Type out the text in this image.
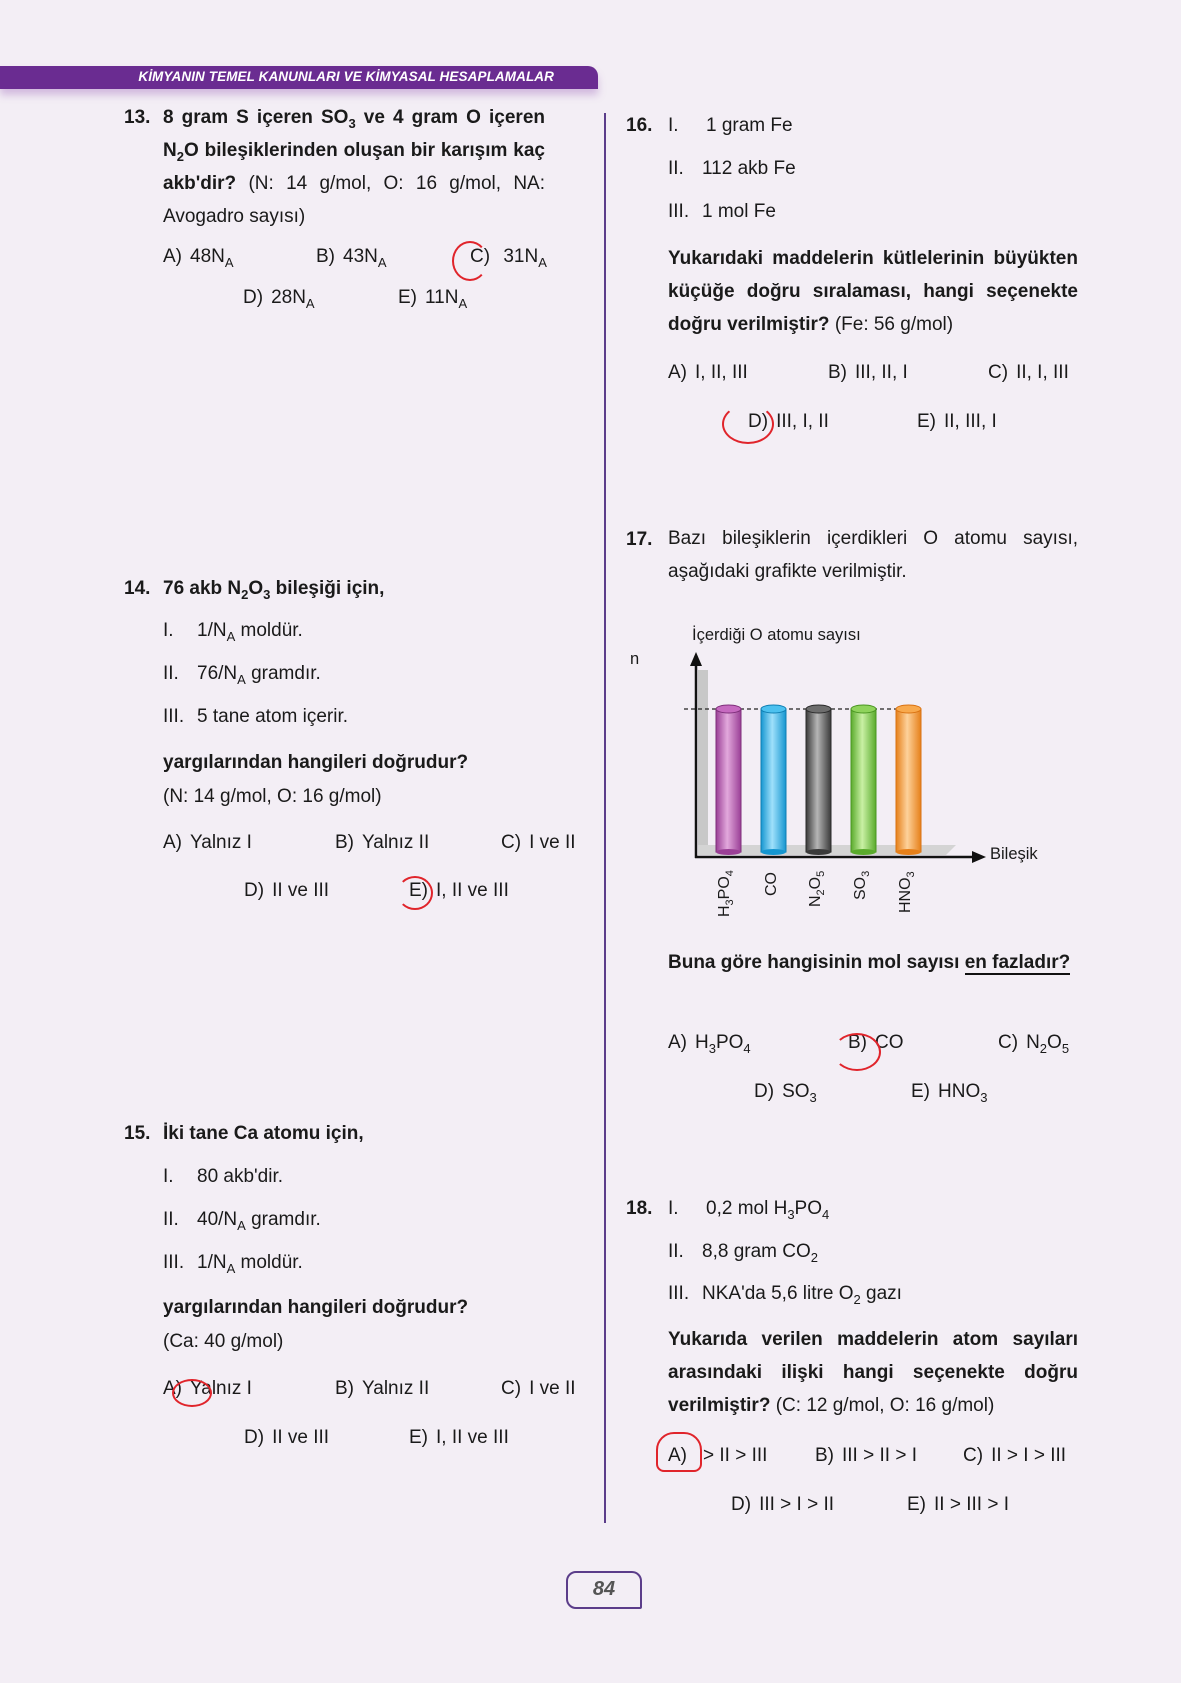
KİMYANIN TEMEL KANUNLARI VE KİMYASAL HESAPLAMALAR
13. 8 gram S içeren $SO_3$ ve 4 gram O içeren $N_2O$ bileşiklerinden oluşan bir karışım kaç akb'dir? (N: 14 g/mol, O: 16 g/mol, NA: Avogadro sayısı)
A) $48N_A$	B) $43N_A$	C) $31N_A$
D) $28N_A$	E) $11N_A$
14. 76 akb $N_2O_3$ bileşiği için,
I. $1/N_A$ moldür.
II. $76/N_A$ gramdır.
III. 5 tane atom içerir.
yargılarından hangileri doğrudur?
(N: 14 g/mol, O: 16 g/mol)
A) Yalnız I	B) Yalnız II	C) I ve II
D) II ve III	E) I, II ve III
15. İki tane Ca atomu için,
I. 80 akb'dir.
II. $40/N_A$ gramdır.
III. $1/N_A$ moldür.
yargılarından hangileri doğrudur?
(Ca: 40 g/mol)
A) Yalnız I	B) Yalnız II	C) I ve II
D) II ve III	E) I, II ve III
16. I. 1 gram Fe
II. 112 akb Fe
III. 1 mol Fe
Yukarıdaki maddelerin kütlelerinin büyükten küçüğe doğru sıralaması, hangi seçenekte doğru verilmiştir? (Fe: 56 g/mol)
A) I, II, III	B) III, II, I	C) II, I, III
D) III, I, II	E) II, III, I
17. Bazı bileşiklerin içerdikleri O atomu sayısı, aşağıdaki grafikte verilmiştir.
İçerdiği O atomu sayısı
n
Bileşik
$H_3PO_4$ CO
$N_2O_5$
$SO_3$
$HNO_3$
Buna göre hangisinin mol sayısı en fazladır?
A) $H_3PO_4$	B) CO	C) $N_2O_5$
D) $SO_3$	E) $HNO_3$
18. I. 0,2 mol $H_3PO_4$
II. 8,8 gram $CO_2$
III. NKA'da 5,6 litre $O_2$ gazı
Yukarıda verilen maddelerin atom sayıları arasındaki ilişki hangi seçenekte doğru verilmiştir? (C: 12 g/mol, O: 16 g/mol)
A) > II > III	B) III > II > I C) II > I > III
D) III > I > II	E) II > III > I
84
